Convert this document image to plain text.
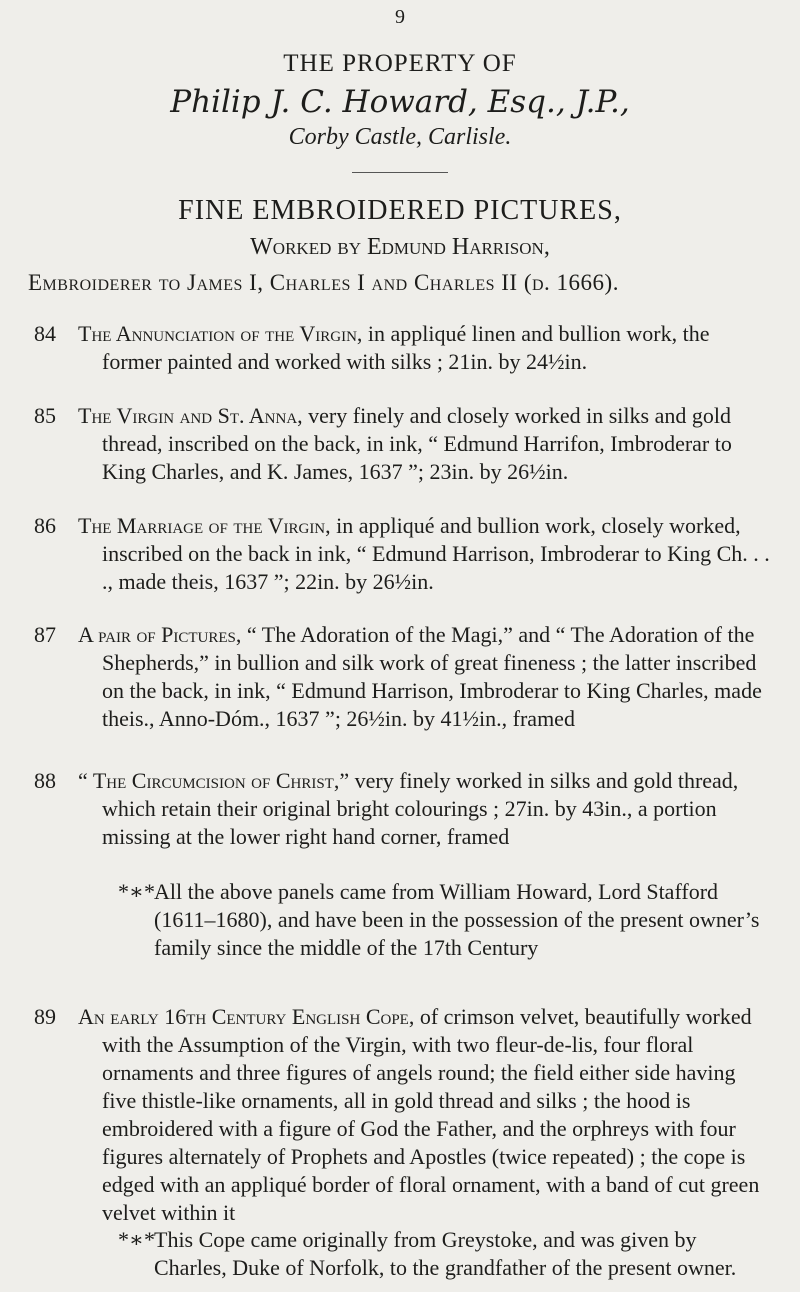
9
THE PROPERTY OF
Philip J. C. Howard, Esq., J.P.,
Corby Castle, Carlisle.
FINE EMBROIDERED PICTURES,
Worked by Edmund Harrison,
Embroiderer to James I, Charles I and Charles II (d. 1666).
84 The Annunciation of the Virgin, in appliqué linen and bullion work, the former painted and worked with silks ; 21in. by 24½in.
85 The Virgin and St. Anna, very finely and closely worked in silks and gold thread, inscribed on the back, in ink, “ Edmund Harrifon, Imbroderar to King Charles, and K. James, 1637 ”; 23in. by 26½in.
86 The Marriage of the Virgin, in appliqué and bullion work, closely worked, inscribed on the back in ink, “ Edmund Harrison, Imbroderar to King Ch. . . ., made theis, 1637 ”; 22in. by 26½in.
87 A pair of Pictures, “ The Adoration of the Magi,” and “ The Adoration of the Shepherds,” in bullion and silk work of great fineness ; the latter inscribed on the back, in ink, “ Edmund Harrison, Imbroderar to King Charles, made theis., Anno-Dóm., 1637 ”; 26½in. by 41½in., framed
88 “ The Circumcision of Christ,” very finely worked in silks and gold thread, which retain their original bright colourings ; 27in. by 43in., a portion missing at the lower right hand corner, framed
*∗* All the above panels came from William Howard, Lord Stafford (1611–1680), and have been in the possession of the present owner’s family since the middle of the 17th Century
89 An early 16th Century English Cope, of crimson velvet, beautifully worked with the Assumption of the Virgin, with two fleur-de-lis, four floral ornaments and three figures of angels round; the field either side having five thistle-like ornaments, all in gold thread and silks ; the hood is embroidered with a figure of God the Father, and the orphreys with four figures alternately of Prophets and Apostles (twice repeated) ; the cope is edged with an appliqué border of floral ornament, with a band of cut green velvet within it
*∗* This Cope came originally from Greystoke, and was given by Charles, Duke of Norfolk, to the grandfather of the present owner.
